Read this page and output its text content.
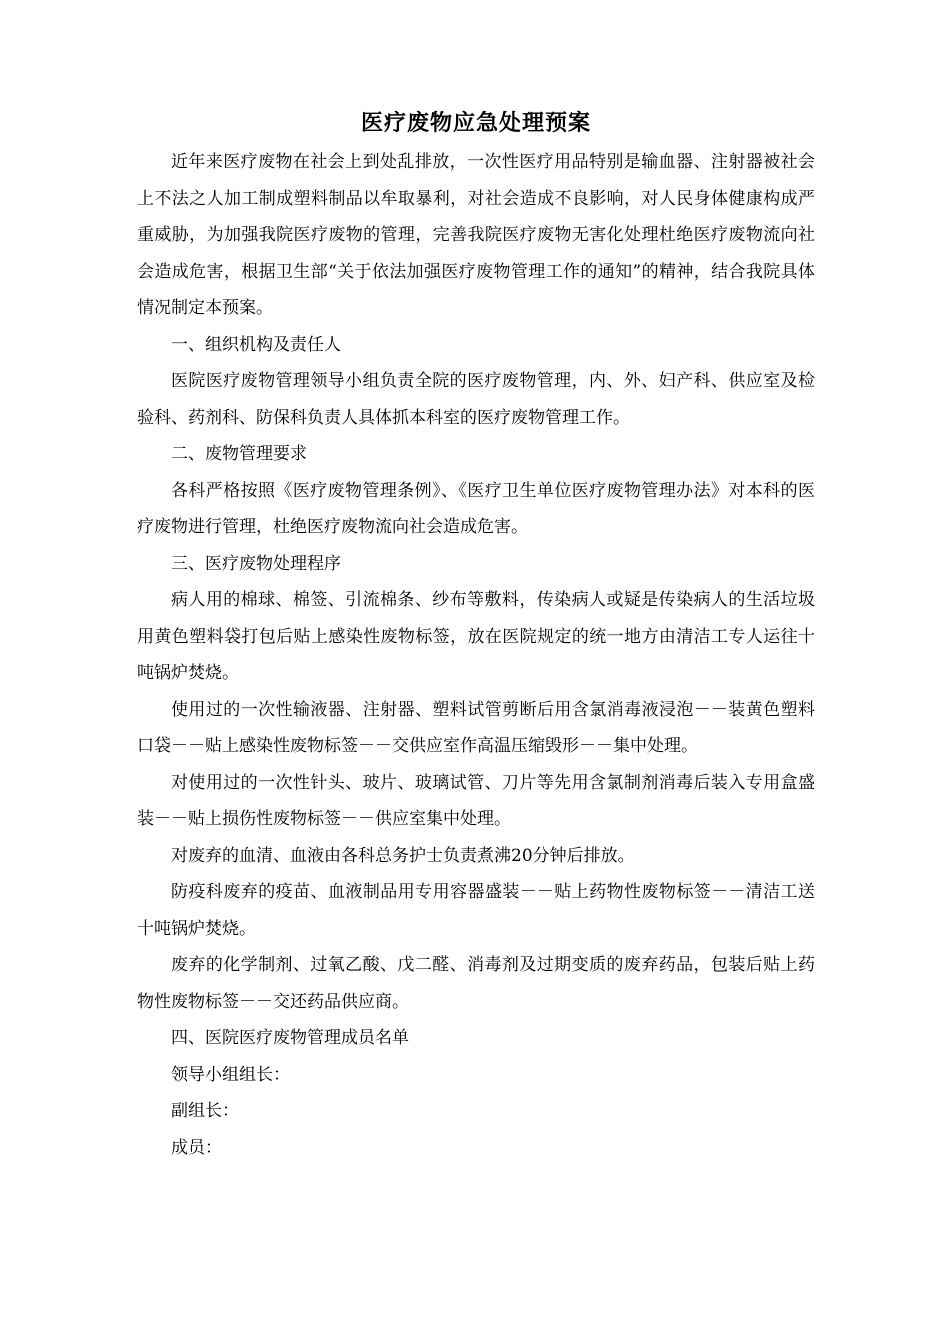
医疗废物应急处理预案

近年来医疗废物在社会上到处乱排放，一次性医疗用品特别是输血器、注射器被社会上不法之人加工制成塑料制品以牟取暴利，对社会造成不良影响，对人民身体健康构成严重威胁，为加强我院医疗废物的管理，完善我院医疗废物无害化处理杜绝医疗废物流向社会造成危害，根据卫生部“关于依法加强医疗废物管理工作的通知”的精神，结合我院具体情况制定本预案。

一、组织机构及责任人

医院医疗废物管理领导小组负责全院的医疗废物管理，内、外、妇产科、供应室及检验科、药剂科、防保科负责人具体抓本科室的医疗废物管理工作。

二、废物管理要求

各科严格按照《医疗废物管理条例》、《医疗卫生单位医疗废物管理办法》对本科的医疗废物进行管理，杜绝医疗废物流向社会造成危害。

三、医疗废物处理程序

病人用的棉球、棉签、引流棉条、纱布等敷料，传染病人或疑是传染病人的生活垃圾用黄色塑料袋打包后贴上感染性废物标签，放在医院规定的统一地方由清洁工专人运往十吨锅炉焚烧。

使用过的一次性输液器、注射器、塑料试管剪断后用含氯消毒液浸泡－－装黄色塑料口袋－－贴上感染性废物标签－－交供应室作高温压缩毁形－－集中处理。

对使用过的一次性针头、玻片、玻璃试管、刀片等先用含氯制剂消毒后装入专用盒盛装－－贴上损伤性废物标签－－供应室集中处理。

对废弃的血清、血液由各科总务护士负责煮沸20分钟后排放。

防疫科废弃的疫苗、血液制品用专用容器盛装－－贴上药物性废物标签－－清洁工送十吨锅炉焚烧。

废弃的化学制剂、过氧乙酸、戊二醛、消毒剂及过期变质的废弃药品，包装后贴上药物性废物标签－－交还药品供应商。

四、医院医疗废物管理成员名单

领导小组组长：

副组长：

成员：
